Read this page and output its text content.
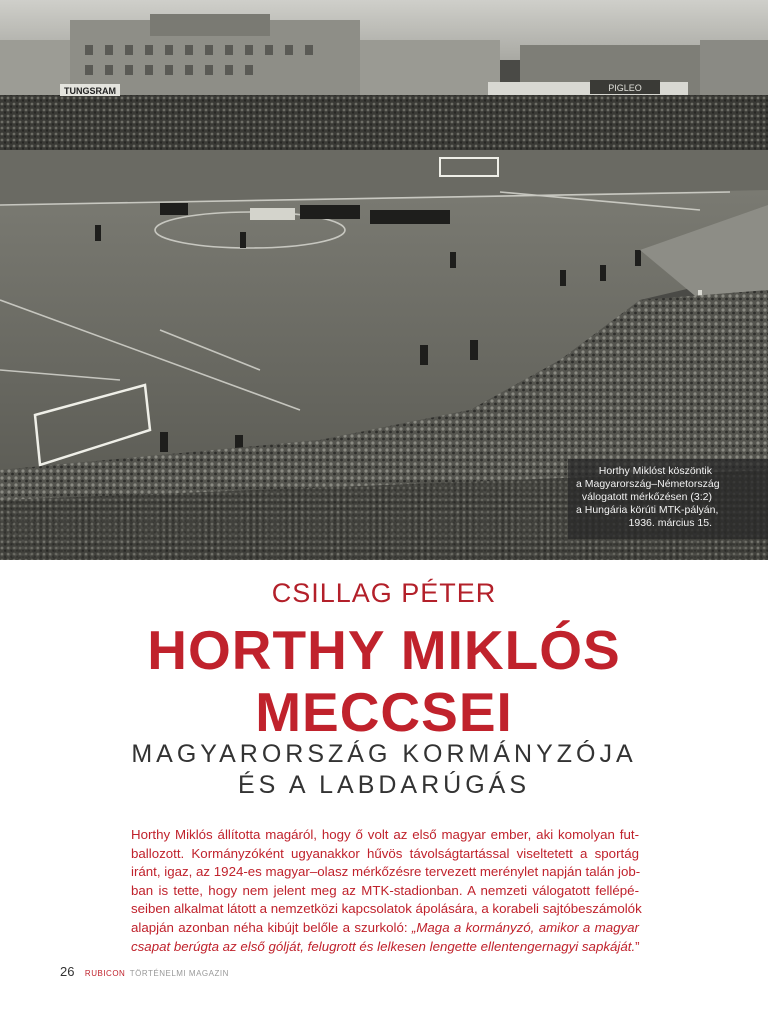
PIGLEO
TUNGSRAM
Horthy Miklóst köszöntik
a Magyarország–Németország
válogatott mérkőzésen (3:2)
a Hungária körúti MTK-pályán,
1936. március 15.
CSILLAG PÉTER
HORTHY MIKLÓS
MECCSEI
MAGYARORSZÁG KORMÁNYZÓJA
ÉS A LABDARÚGÁS
Horthy Miklós állította magáról, hogy ő volt az első magyar ember, aki komolyan fut-
ballozott. Kormányzóként ugyanakkor hűvös távolságtartással viseltetett a sportág
iránt, igaz, az 1924-es magyar–olasz mérkőzésre tervezett merénylet napján talán job-
ban is tette, hogy nem jelent meg az MTK-stadionban. A nemzeti válogatott fellépé-
seiben alkalmat látott a nemzetközi kapcsolatok ápolására, a korabeli sajtóbeszámolók
alapján azonban néha kibújt belőle a szurkoló: „Maga a kormányzó, amikor a magyar
csapat berúgta az első gólját, felugrott és lelkesen lengette ellentengernagyi sapkáját.”
26 RUBICON TÖRTÉNELMI MAGAZIN
